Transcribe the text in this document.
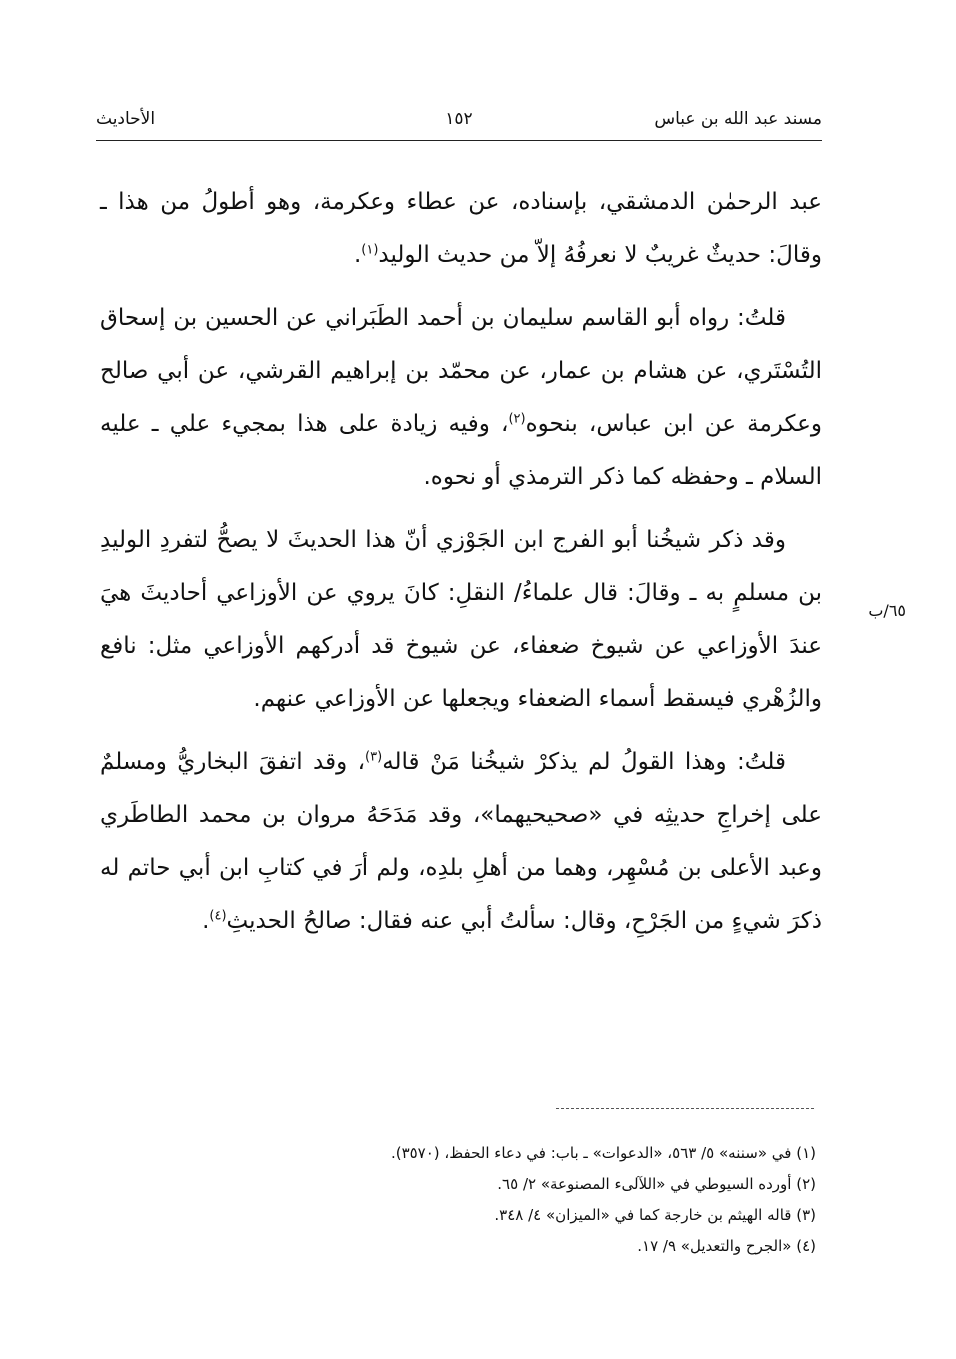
مسند عبد الله بن عباس
١٥٢
الأحاديث

عبد الرحمٰن الدمشقي، بإسناده، عن عطاء وعكرمة، وهو أطولُ من هذا ـ وقالَ: حديثٌ غريبٌ لا نعرفُهُ إلاّ من حديث الوليد$^{(١)}$.

قلتُ: رواه أبو القاسم سليمان بن أحمد الطَبَراني عن الحسين بن إسحاق التُسْتَري، عن هشام بن عمار، عن محمّد بن إبراهيم القرشي، عن أبي صالح وعكرمة عن ابن عباس، بنحوه$^{(٢)}$، وفيه زيادة على هذا بمجيء علي ـ عليه السلام ـ وحفظه كما ذكر الترمذي أو نحوه.

وقد ذكر شيخُنا أبو الفرج ابن الجَوْزي أنّ هذا الحديثَ لا يصحُّ لتفردِ الوليدِ بن مسلمٍ به ـ وقالَ: قال علماءُ/ النقلِ: كانَ يروي عن الأوزاعي أحاديثَ هيَ عندَ الأوزاعي عن شيوخ ضعفاء، عن شيوخ قد أدركهم الأوزاعي مثل: نافع والزُهْري فيسقط أسماء الضعفاء ويجعلها عن الأوزاعي عنهم.

قلتُ: وهذا القولُ لم يذكرْ شيخُنا مَنْ قاله$^{(٣)}$، وقد اتفقَ البخاريُّ ومسلمٌ على إخراجِ حديثِه في «صحيحيهما»، وقد مَدَحَهُ مروان بن محمد الطاطَري وعبد الأعلى بن مُسْهِر، وهما من أهلِ بلدِه، ولم أرَ في كتابِ ابن أبي حاتم له ذكرَ شيءٍ من الجَرْحِ، وقال: سألتُ أبي عنه فقال: صالحُ الحديثِ$^{(٤)}$.

٦٥/ب
(١) في «سننه» ٥/ ٥٦٣، «الدعوات» ـ باب: في دعاء الحفظ، (٣٥٧٠).
(٢) أورده السيوطي في «اللآلىء المصنوعة» ٢/ ٦٥.
(٣) قاله الهيثم بن خارجة كما في «الميزان» ٤/ ٣٤٨.
(٤) «الجرح والتعديل» ٩/ ١٧.
